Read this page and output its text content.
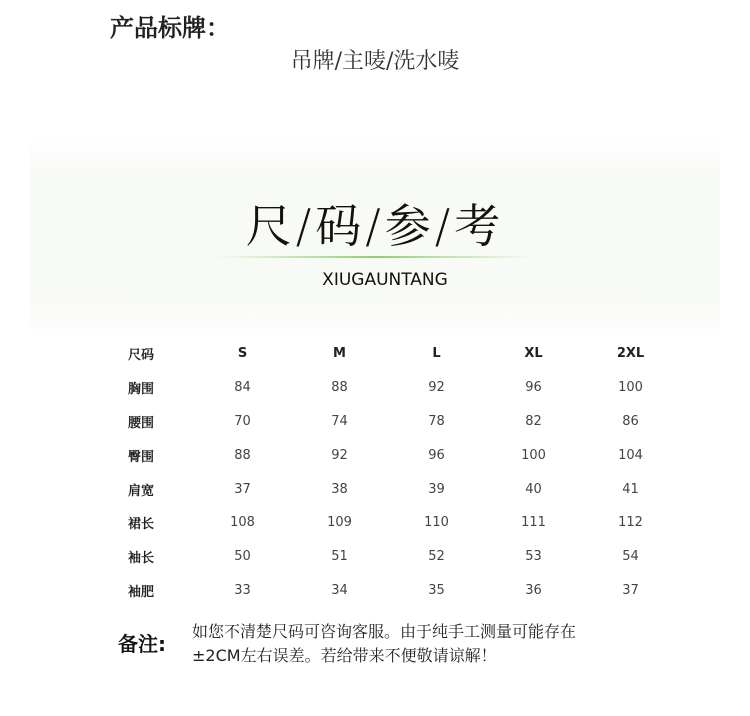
产品标牌：
吊牌/主唛/洗水唛
尺/码/参/考
XIUGAUNTANG
尺码	S	M	L	XL	2XL
胸围	84	88	92	96	100
腰围	70	74	78	82	86
臀围	88	92	96	100	104
肩宽	37	38	39	40	41
裙长	108	109	110	111	112
袖长	50	51	52	53	54
袖肥	33	34	35	36	37
备注:
如您不清楚尺码可咨询客服。由于纯手工测量可能存在
±2CM左右误差。若给带来不便敬请谅解！
